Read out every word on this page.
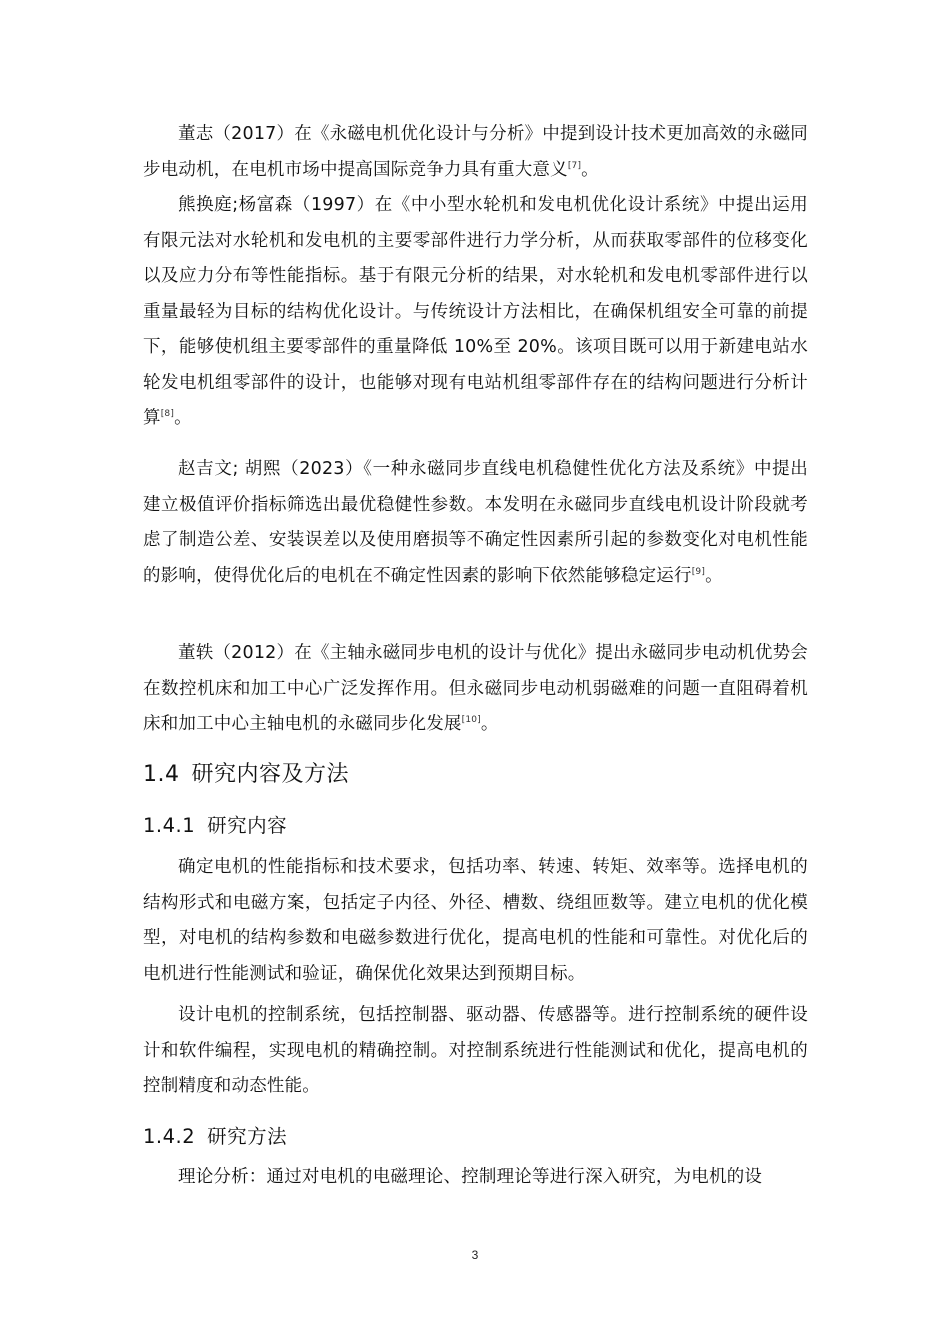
董志（2017）在《永磁电机优化设计与分析》中提到设计技术更加高效的永磁同步电动机，在电机市场中提高国际竞争力具有重大意义[7]。

熊换庭;杨富森（1997）在《中小型水轮机和发电机优化设计系统》中提出运用有限元法对水轮机和发电机的主要零部件进行力学分析，从而获取零部件的位移变化以及应力分布等性能指标。基于有限元分析的结果，对水轮机和发电机零部件进行以重量最轻为目标的结构优化设计。与传统设计方法相比，在确保机组安全可靠的前提下，能够使机组主要零部件的重量降低 10%至 20%。该项目既可以用于新建电站水轮发电机组零部件的设计，也能够对现有电站机组零部件存在的结构问题进行分析计算[8]。

赵吉文; 胡熙（2023）《一种永磁同步直线电机稳健性优化方法及系统》中提出建立极值评价指标筛选出最优稳健性参数。本发明在永磁同步直线电机设计阶段就考虑了制造公差、安装误差以及使用磨损等不确定性因素所引起的参数变化对电机性能的影响，使得优化后的电机在不确定性因素的影响下依然能够稳定运行[9]。

董轶（2012）在《主轴永磁同步电机的设计与优化》提出永磁同步电动机优势会在数控机床和加工中心广泛发挥作用。但永磁同步电动机弱磁难的问题一直阻碍着机床和加工中心主轴电机的永磁同步化发展[10]。

1.4 研究内容及方法
1.4.1 研究内容

确定电机的性能指标和技术要求，包括功率、转速、转矩、效率等。选择电机的结构形式和电磁方案，包括定子内径、外径、槽数、绕组匝数等。建立电机的优化模型，对电机的结构参数和电磁参数进行优化，提高电机的性能和可靠性。对优化后的电机进行性能测试和验证，确保优化效果达到预期目标。

设计电机的控制系统，包括控制器、驱动器、传感器等。进行控制系统的硬件设计和软件编程，实现电机的精确控制。对控制系统进行性能测试和优化，提高电机的控制精度和动态性能。

1.4.2 研究方法

理论分析：通过对电机的电磁理论、控制理论等进行深入研究，为电机的设

3
